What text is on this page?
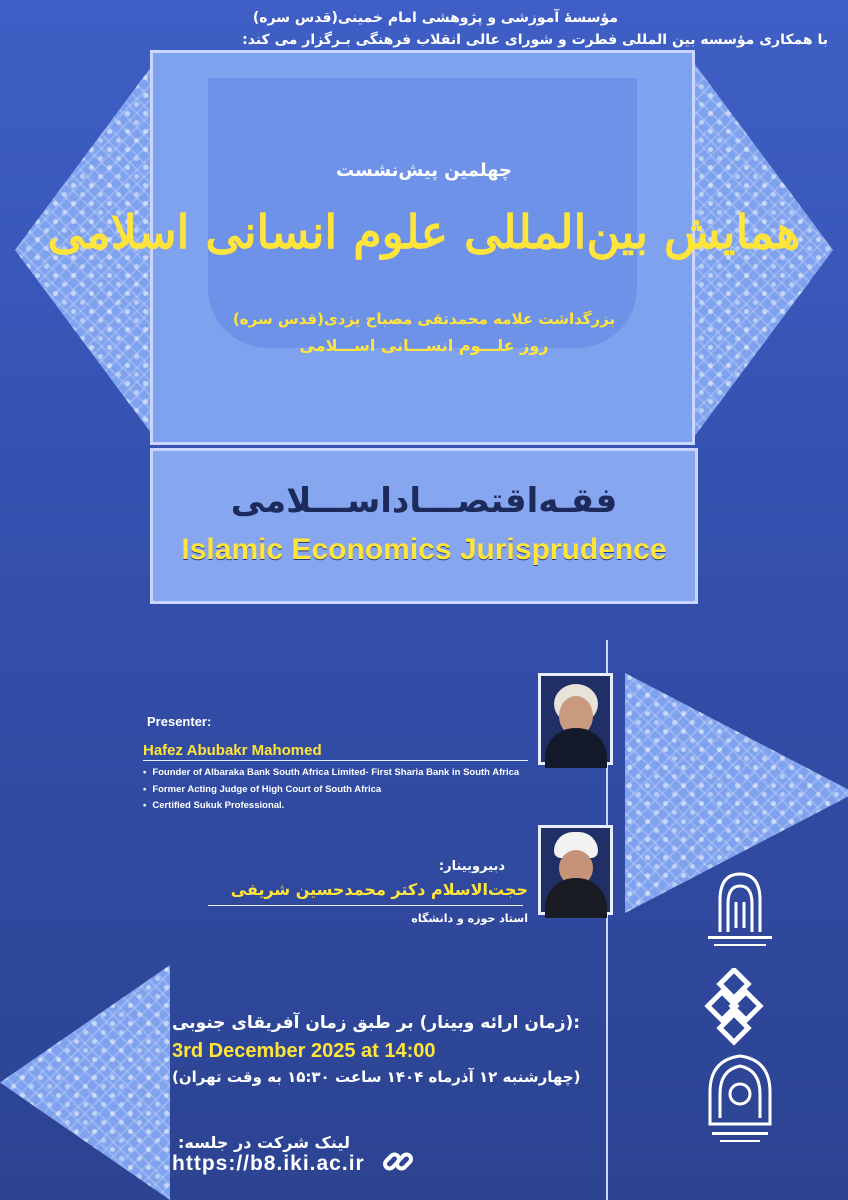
مؤسسهٔ آموزشی و پژوهشی امام خمینی(قدس سره)
با همکاری مؤسسه بین المللی فطرت و شورای عالی انقلاب فرهنگی بـرگزار می کند:
چهلمین پیش‌نشست
همایش بین‌المللی علوم انسانی اسلامی
بزرگداشت علامه محمدتقی مصباح یزدی(قدس سره)
روز علـــوم انســـانی اســـلامی
فقـه‌اقتصـــاداســـلامی
Islamic Economics Jurisprudence
Presenter:
Hafez Abubakr Mahomed
• Founder of Albaraka Bank South Africa Limited- First Sharia Bank in South Africa
• Former Acting Judge of High Court of South Africa
• Certified Sukuk Professional.
دبیروبینار:
حجت‌الاسلام دکتر محمدحسین شریفی
استاد حوزه و دانشگاه
:(زمان ارائه وبینار) بر طبق زمان آفریقای جنوبی
3rd December 2025 at 14:00
(چهارشنبه ۱۲ آذرماه ۱۴۰۴ ساعت ۱۵:۳۰ به وقت تهران)
لینک شرکت در جلسه:
https://b8.iki.ac.ir
